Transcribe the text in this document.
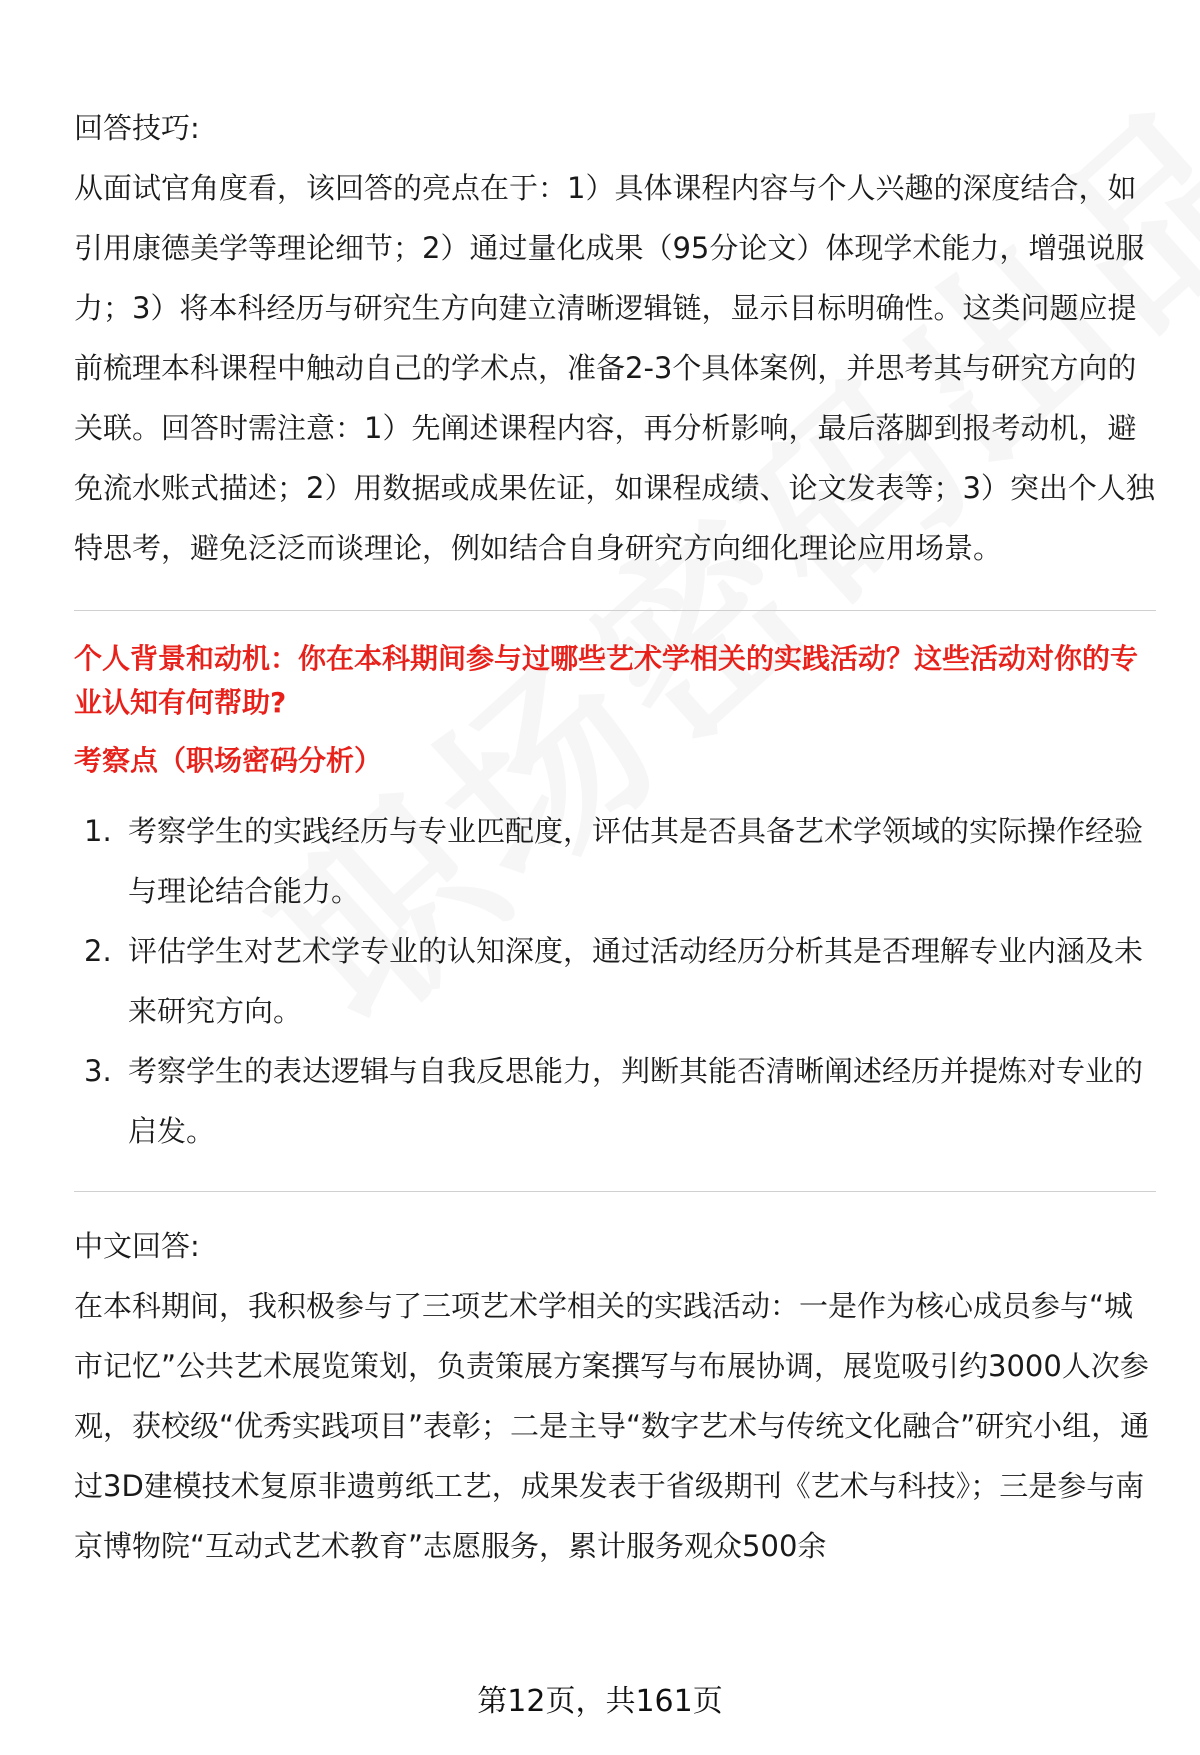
回答技巧:

从面试官角度看，该回答的亮点在于：1）具体课程内容与个人兴趣的深度结合，如引用康德美学等理论细节；2）通过量化成果（95分论文）体现学术能力，增强说服力；3）将本科经历与研究生方向建立清晰逻辑链，显示目标明确性。这类问题应提前梳理本科课程中触动自己的学术点，准备2-3个具体案例，并思考其与研究方向的关联。回答时需注意：1）先阐述课程内容，再分析影响，最后落脚到报考动机，避免流水账式描述；2）用数据或成果佐证，如课程成绩、论文发表等；3）突出个人独特思考，避免泛泛而谈理论，例如结合自身研究方向细化理论应用场景。

个人背景和动机：你在本科期间参与过哪些艺术学相关的实践活动？这些活动对你的专业认知有何帮助?

考察点（职场密码分析）

1. 考察学生的实践经历与专业匹配度，评估其是否具备艺术学领域的实际操作经验与理论结合能力。
2. 评估学生对艺术学专业的认知深度，通过活动经历分析其是否理解专业内涵及未来研究方向。
3. 考察学生的表达逻辑与自我反思能力，判断其能否清晰阐述经历并提炼对专业的启发。

中文回答:

在本科期间，我积极参与了三项艺术学相关的实践活动：一是作为核心成员参与“城市记忆”公共艺术展览策划，负责策展方案撰写与布展协调，展览吸引约3000人次参观，获校级“优秀实践项目”表彰；二是主导“数字艺术与传统文化融合”研究小组，通过3D建模技术复原非遗剪纸工艺，成果发表于省级期刊《艺术与科技》；三是参与南京博物院“互动式艺术教育”志愿服务，累计服务观众500余

第12页，共161页
